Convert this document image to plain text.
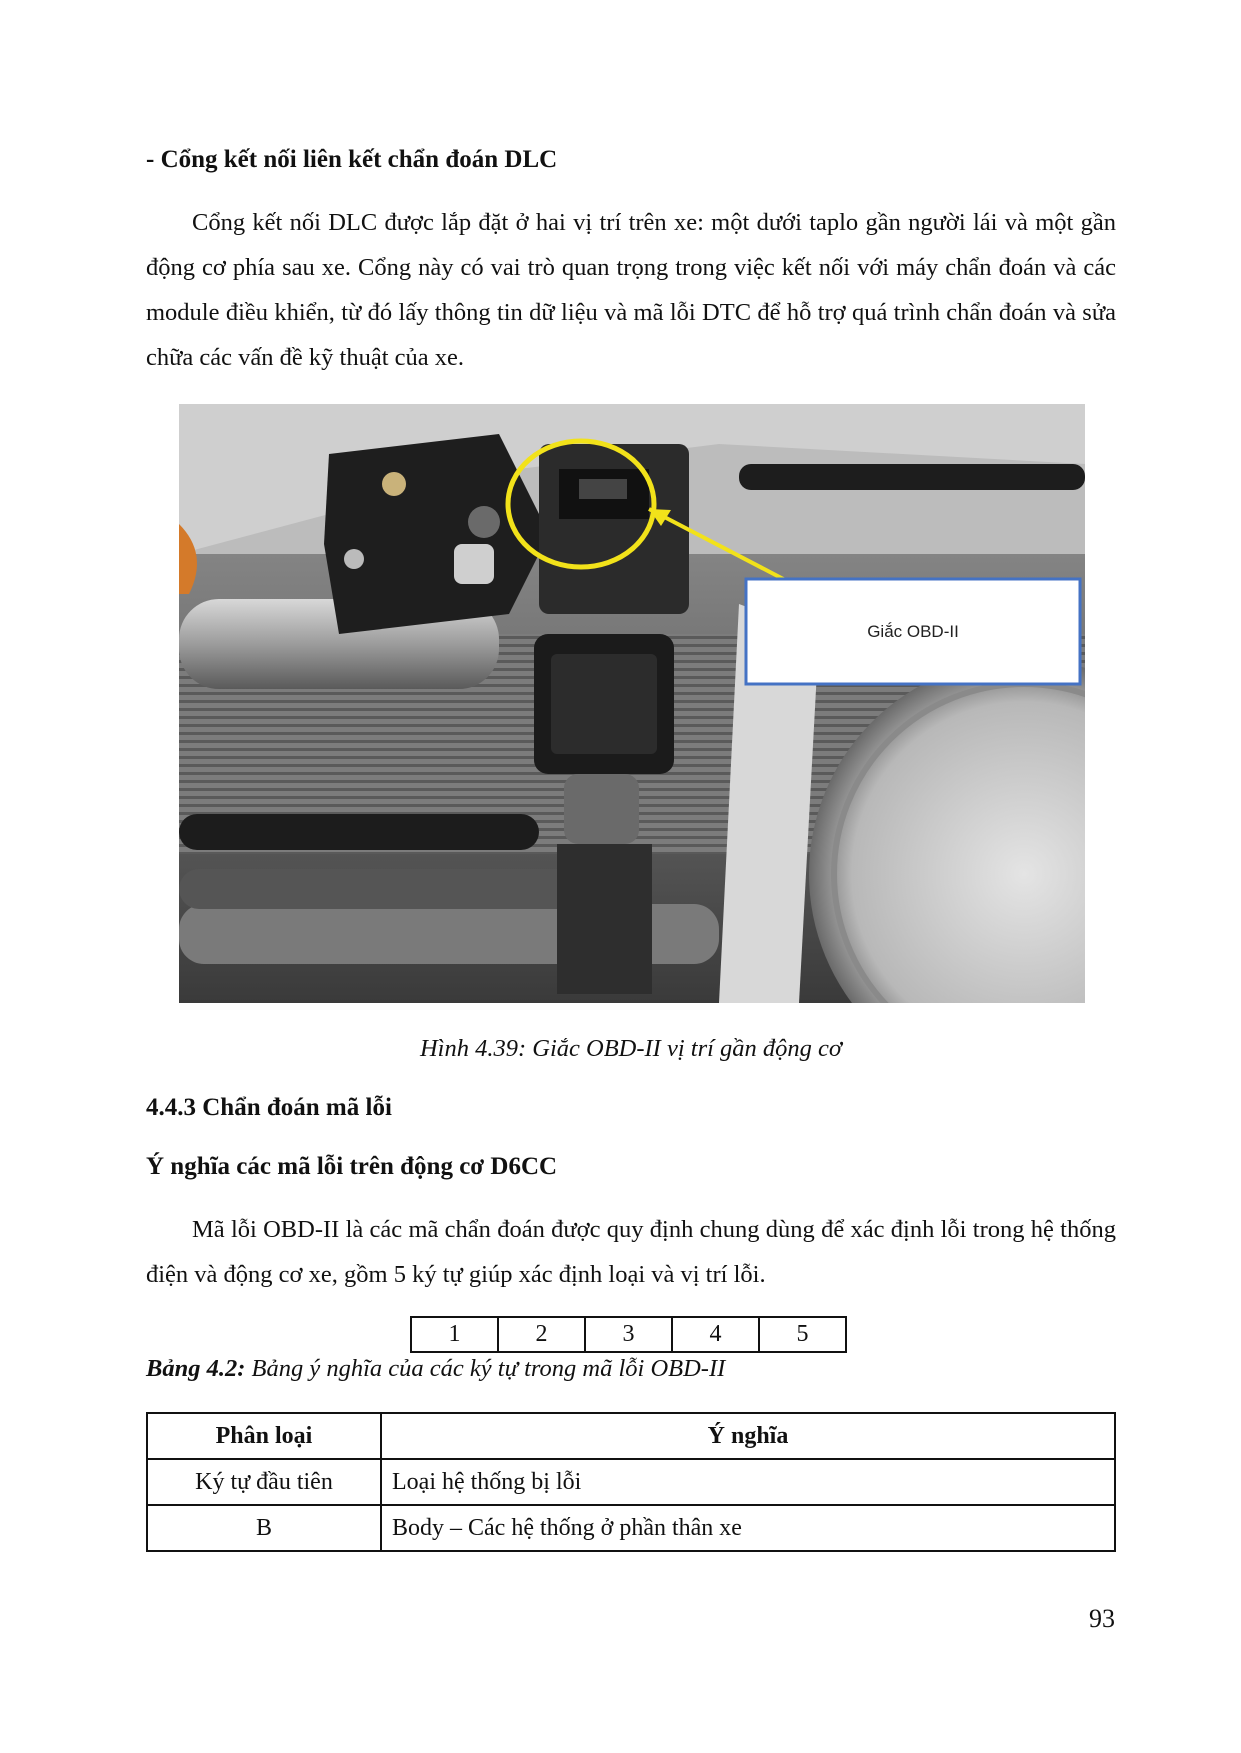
- Cổng kết nối liên kết chẩn đoán DLC
Cổng kết nối DLC được lắp đặt ở hai vị trí trên xe: một dưới taplo gần người lái và một gần động cơ phía sau xe. Cổng này có vai trò quan trọng trong việc kết nối với máy chẩn đoán và các module điều khiển, từ đó lấy thông tin dữ liệu và mã lỗi DTC để hỗ trợ quá trình chẩn đoán và sửa chữa các vấn đề kỹ thuật của xe.
Giắc OBD-II
Hình 4.39: Giắc OBD-II vị trí gần động cơ
4.4.3 Chẩn đoán mã lỗi
Ý nghĩa các mã lỗi trên động cơ D6CC
Mã lỗi OBD-II là các mã chẩn đoán được quy định chung dùng để xác định lỗi trong hệ thống điện và động cơ xe, gồm 5 ký tự giúp xác định loại và vị trí lỗi.
1	2	3	4	5
Bảng 4.2: Bảng ý nghĩa của các ký tự trong mã lỗi OBD-II
Phân loại	Ý nghĩa
Ký tự đầu tiên	Loại hệ thống bị lỗi
B	Body – Các hệ thống ở phần thân xe
93
